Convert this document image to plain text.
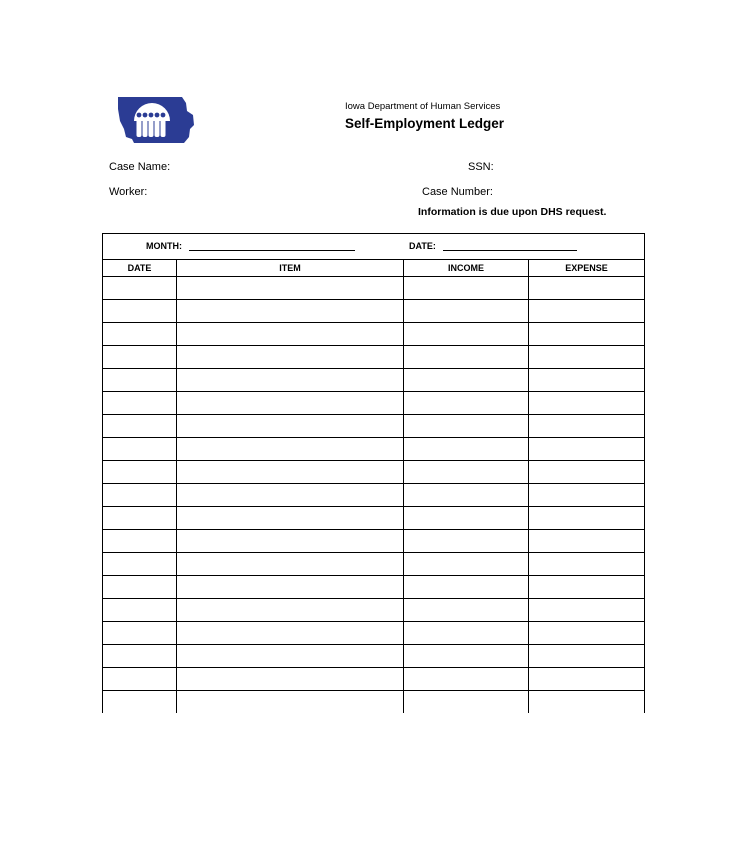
Iowa Department of Human Services
Self-Employment Ledger
Case Name:	SSN:
Worker:	Case Number:
Information is due upon DHS request.
MONTH:	DATE:
DATE	ITEM	INCOME	EXPENSE
